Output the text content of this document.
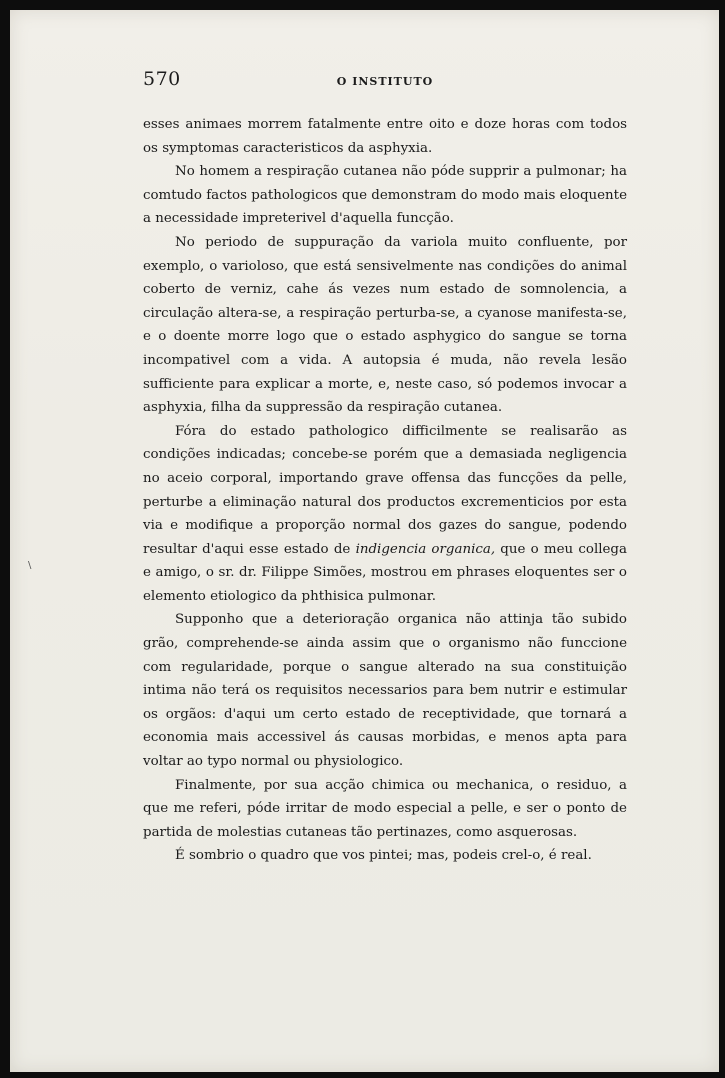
570	O INSTITUTO
\

esses animaes morrem fatalmente entre oito e doze horas com todos os symptomas caracteristicos da asphyxia.

No homem a respiração cutanea não póde supprir a pulmonar; ha comtudo factos pathologicos que demonstram do modo mais eloquente a necessidade impreterivel d'aquella funcção.

No periodo de suppuração da variola muito confluente, por exemplo, o varioloso, que está sensivelmente nas condições do animal coberto de verniz, cahe ás vezes num estado de somnolencia, a circulação altera-se, a respiração perturba-se, a cyanose manifesta-se, e o doente morre logo que o estado asphygico do sangue se torna incompativel com a vida. A autopsia é muda, não revela lesão sufficiente para explicar a morte, e, neste caso, só podemos invocar a asphyxia, filha da suppressão da respiração cutanea.

Fóra do estado pathologico difficilmente se realisarão as condições indicadas; concebe-se porém que a demasiada negligencia no aceio corporal, importando grave offensa das funcções da pelle, perturbe a eliminação natural dos productos excrementicios por esta via e modifique a proporção normal dos gazes do sangue, podendo resultar d'aqui esse estado de indigencia organica, que o meu collega e amigo, o sr. dr. Filippe Simões, mostrou em phrases eloquentes ser o elemento etiologico da phthisica pulmonar.

Supponho que a deterioração organica não attinja tão subido grão, comprehende-se ainda assim que o organismo não funccione com regularidade, porque o sangue alterado na sua constituição intima não terá os requisitos necessarios para bem nutrir e estimular os orgãos: d'aqui um certo estado de receptividade, que tornará a economia mais accessivel ás causas morbidas, e menos apta para voltar ao typo normal ou physiologico.

Finalmente, por sua acção chimica ou mechanica, o residuo, a que me referi, póde irritar de modo especial a pelle, e ser o ponto de partida de molestias cutaneas tão pertinazes, como asquerosas.

É sombrio o quadro que vos pintei; mas, podeis crel-o, é real.
